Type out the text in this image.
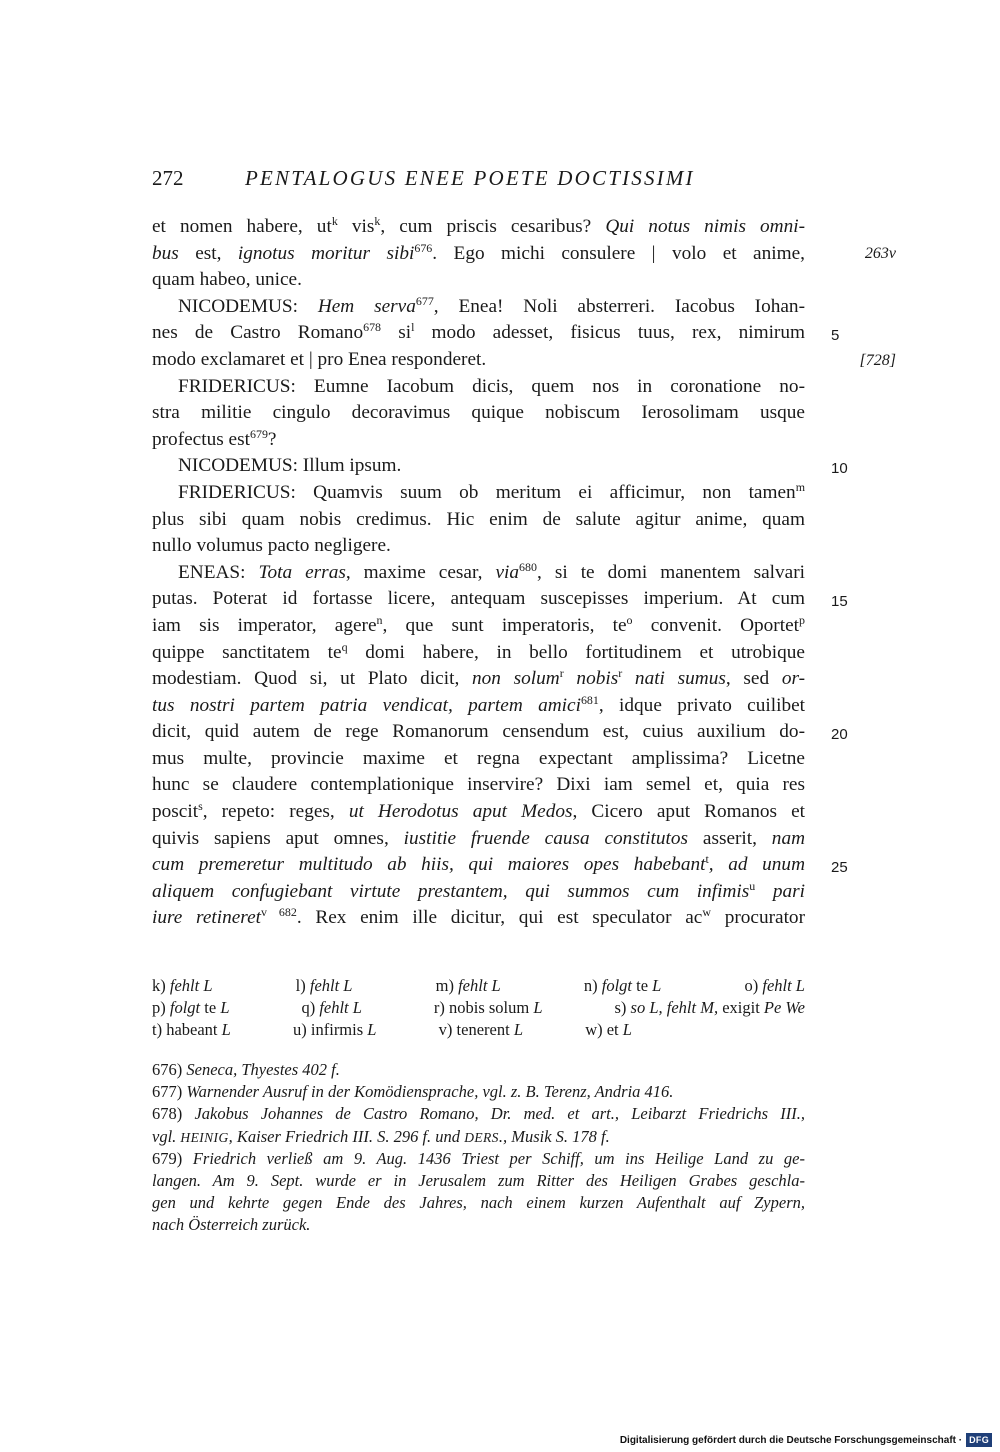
272	PENTALOGUS ENEE POETE DOCTISSIMI
et nomen habere, $ut^k$ vis$^k$, cum priscis cesaribus? Qui notus nimis omni-
bus est, ignotus moritur sibi$^{676}$. Ego michi consulere | volo et anime,
quam habeo, unice.
NICODEMUS: Hem serva$^{677}$, Enea! Noli absterreri. Iacobus Iohan-
nes de Castro Romano$^{678}$ $si^l$ modo adesset, fisicus tuus, rex, nimirum
modo exclamaret et | pro Enea responderet.
FRIDERICUS: Eumne Iacobum dicis, quem nos in coronatione no-
stra militie cingulo decoravimus quique nobiscum Ierosolimam usque
profectus est$^{679}$?
NICODEMUS: Illum ipsum.
FRIDERICUS: Quamvis suum ob meritum ei afficimur, non tamen$^m$
plus sibi quam nobis credimus. Hic enim de salute agitur anime, quam
nullo volumus pacto negligere.
ENEAS: Tota erras, maxime cesar, via$^{680}$, si te domi manentem salvari
putas. Poterat id fortasse licere, antequam suscepisses imperium. At cum
iam sis imperator, agere$^n$, que sunt imperatoris, $te^o$ convenit. Oportet$^p$
quippe sanctitatem $te^q$ domi habere, in bello fortitudinem et utrobique
modestiam. Quod si, ut Plato dicit, non solum$^r$ nobis$^r$ nati sumus, sed or-
tus nostri partem patria vendicat, partem amici$^{681}$, idque privato cuilibet
dicit, quid autem de rege Romanorum censendum est, cuius auxilium do-
mus multe, provincie maxime et regna expectant amplissima? Licetne
hunc se claudere contemplationique inservire? Dixi iam semel et, quia res
poscit$^s$, repeto: reges, ut Herodotus aput Medos, Cicero aput Romanos et
quivis sapiens aput omnes, iustitie fruende causa constitutos asserit, nam
cum premeretur multitudo ab hiis, qui maiores opes habebant$^t$, ad unum
aliquem confugiebant virtute prestantem, qui summos cum infimis$^u$ pari
iure retineret$^{v 682}$. Rex enim ille dicitur, qui est speculator $ac^w$ procurator
5
10
15
20
25
263v
[728]
k) fehlt L	l) fehlt L	m) fehlt L	n) folgt te L	o) fehlt L
p) folgt te L	q) fehlt L	r) nobis solum L	s) so L, fehlt M, exigit Pe We
t) habeant L	u) infirmis L	v) tenerent L	w) et L
676) Seneca, Thyestes 402 f.
677) Warnender Ausruf in der Komödiensprache, vgl. z. B. Terenz, Andria 416.
678) Jakobus Johannes de Castro Romano, Dr. med. et art., Leibarzt Friedrichs III.,
vgl. HEINIG, Kaiser Friedrich III. S. 296 f. und DERS., Musik S. 178 f.
679) Friedrich verließ am 9. Aug. 1436 Triest per Schiff, um ins Heilige Land zu ge-
langen. Am 9. Sept. wurde er in Jerusalem zum Ritter des Heiligen Grabes geschla-
gen und kehrte gegen Ende des Jahres, nach einem kurzen Aufenthalt auf Zypern,
nach Österreich zurück.
Digitalisierung gefördert durch die Deutsche Forschungsgemeinschaft · DFG
